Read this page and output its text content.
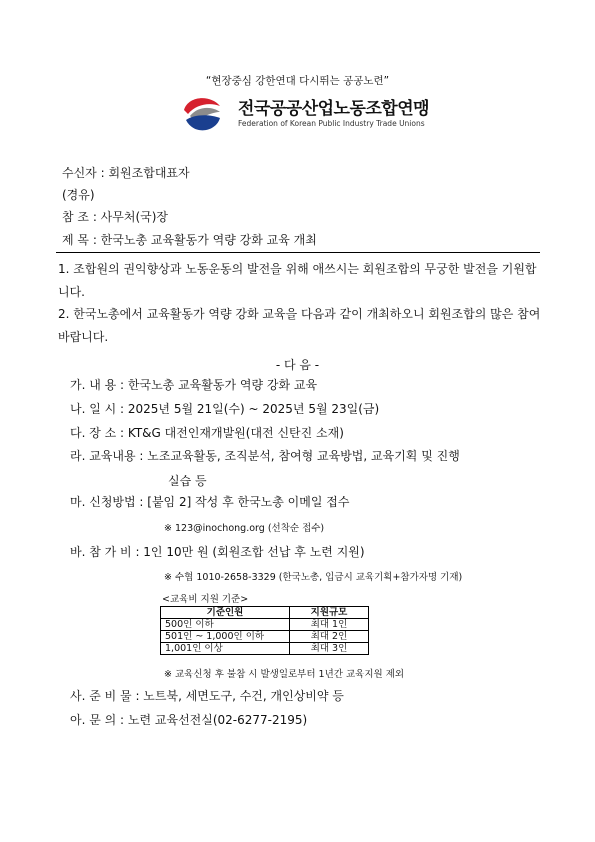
“현장중심 강한연대 다시뛰는 공공노련”
전국공공산업노동조합연맹
Federation of Korean Public Industry Trade Unions
수신자 : 회원조합대표자
(경유)
참 조 : 사무처(국)장
제 목 : 한국노총 교육활동가 역량 강화 교육 개최
1. 조합원의 권익향상과 노동운동의 발전을 위해 애쓰시는 회원조합의 무궁한 발전을 기원합니다.
2. 한국노총에서 교육활동가 역량 강화 교육을 다음과 같이 개최하오니 회원조합의 많은 참여바랍니다.
- 다 음 -
가. 내 용 : 한국노총 교육활동가 역량 강화 교육
나. 일 시 : 2025년 5월 21일(수) ~ 2025년 5월 23일(금)
다. 장 소 : KT&G 대전인재개발원(대전 신탄진 소재)
라. 교육내용 : 노조교육활동, 조직분석, 참여형 교육방법, 교육기획 및 진행
실습 등
마. 신청방법 : [붙임 2] 작성 후 한국노총 이메일 접수
※ 123@inochong.org (선착순 접수)
바. 참 가 비 : 1인 10만 원 (회원조합 선납 후 노련 지원)
※ 수협 1010-2658-3329 (한국노총, 입금시 교육기획+참가자명 기재)
<교육비 지원 기준>
기준인원	지원규모
500인 이하	최대 1인
501인 ~ 1,000인 이하	최대 2인
1,001인 이상	최대 3인
※ 교육신청 후 불참 시 발생일로부터 1년간 교육지원 제외
사. 준 비 물 : 노트북, 세면도구, 수건, 개인상비약 등
아. 문 의 : 노련 교육선전실(02-6277-2195)
